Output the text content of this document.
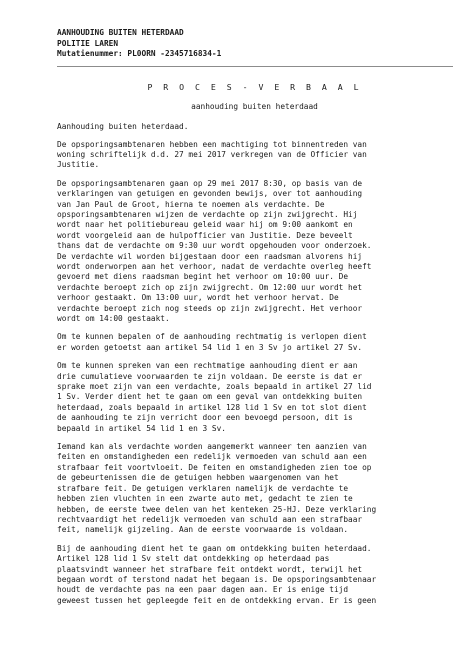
AANHOUDING BUITEN HETERDAAD
POLITIE LAREN
Mutatienummer: PL0ORN -2345716834-1
P R O C E S - V E R B A A L
aanhouding buiten heterdaad
Aanhouding buiten heterdaad.

De opsporingsambtenaren hebben een machtiging tot binnentreden van
woning schriftelijk d.d. 27 mei 2017 verkregen van de Officier van
Justitie.

De opsporingsambtenaren gaan op 29 mei 2017 8:30, op basis van de
verklaringen van getuigen en gevonden bewijs, over tot aanhouding
van Jan Paul de Groot, hierna te noemen als verdachte. De
opsporingsambtenaren wijzen de verdachte op zijn zwijgrecht. Hij
wordt naar het politiebureau geleid waar hij om 9:00 aankomt en
wordt voorgeleid aan de hulpofficier van Justitie. Deze beveelt
thans dat de verdachte om 9:30 uur wordt opgehouden voor onderzoek.
De verdachte wil worden bijgestaan door een raadsman alvorens hij
wordt onderworpen aan het verhoor, nadat de verdachte overleg heeft
gevoerd met diens raadsman begint het verhoor om 10:00 uur. De
verdachte beroept zich op zijn zwijgrecht. Om 12:00 uur wordt het
verhoor gestaakt. Om 13:00 uur, wordt het verhoor hervat. De
verdachte beroept zich nog steeds op zijn zwijgrecht. Het verhoor
wordt om 14:00 gestaakt.

Om te kunnen bepalen of de aanhouding rechtmatig is verlopen dient
er worden getoetst aan artikel 54 lid 1 en 3 Sv jo artikel 27 Sv.

Om te kunnen spreken van een rechtmatige aanhouding dient er aan
drie cumulatieve voorwaarden te zijn voldaan. De eerste is dat er
sprake moet zijn van een verdachte, zoals bepaald in artikel 27 lid
1 Sv. Verder dient het te gaan om een geval van ontdekking buiten
heterdaad, zoals bepaald in artikel 128 lid 1 Sv en tot slot dient
de aanhouding te zijn verricht door een bevoegd persoon, dit is
bepaald in artikel 54 lid 1 en 3 Sv.

Iemand kan als verdachte worden aangemerkt wanneer ten aanzien van
feiten en omstandigheden een redelijk vermoeden van schuld aan een
strafbaar feit voortvloeit. De feiten en omstandigheden zien toe op
de gebeurtenissen die de getuigen hebben waargenomen van het
strafbare feit. De getuigen verklaren namelijk de verdachte te
hebben zien vluchten in een zwarte auto met, gedacht te zien te
hebben, de eerste twee delen van het kenteken 25-HJ. Deze verklaring
rechtvaardigt het redelijk vermoeden van schuld aan een strafbaar
feit, namelijk gijzeling. Aan de eerste voorwaarde is voldaan.

Bij de aanhouding dient het te gaan om ontdekking buiten heterdaad.
Artikel 128 lid 1 Sv stelt dat ontdekking op heterdaad pas
plaatsvindt wanneer het strafbare feit ontdekt wordt, terwijl het
begaan wordt of terstond nadat het begaan is. De opsporingsambtenaar
houdt de verdachte pas na een paar dagen aan. Er is enige tijd
geweest tussen het gepleegde feit en de ontdekking ervan. Er is geen
